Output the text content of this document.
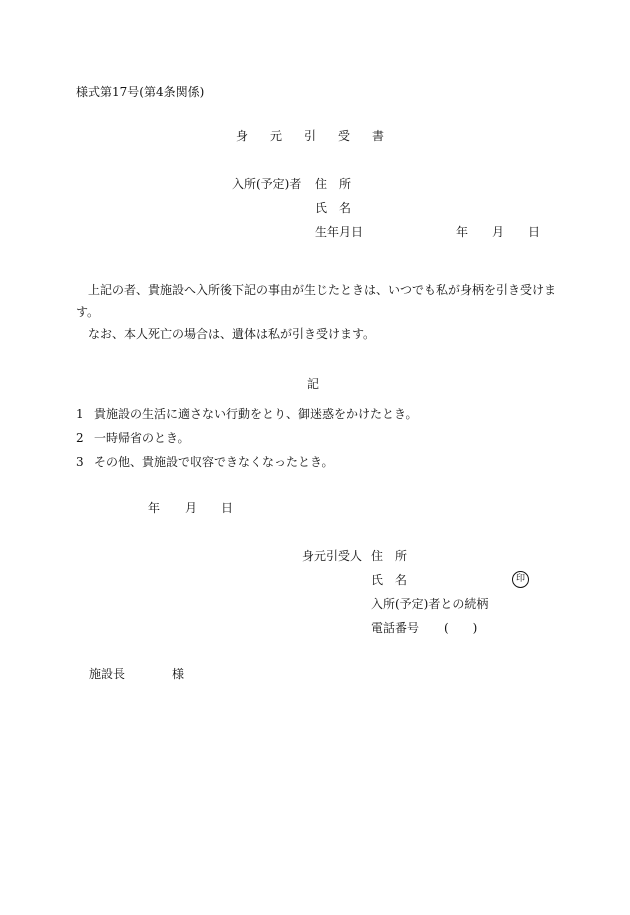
様式第17号(第4条関係)
身 元 引 受 書
入所(予定)者 住　所
氏　名
生年月日	年 月 日

上記の者、貴施設へ入所後下記の事由が生じたときは、いつでも私が身柄を引き受けます。

なお、本人死亡の場合は、遺体は私が引き受けます。

記
1 貴施設の生活に適さない行動をとり、御迷惑をかけたとき。
2 一時帰省のとき。
3 その他、貴施設で収容できなくなったとき。
年 月 日
身元引受人 住　所
氏　名	印
入所(予定)者との続柄
電話番号 (　　)
施設長	様
